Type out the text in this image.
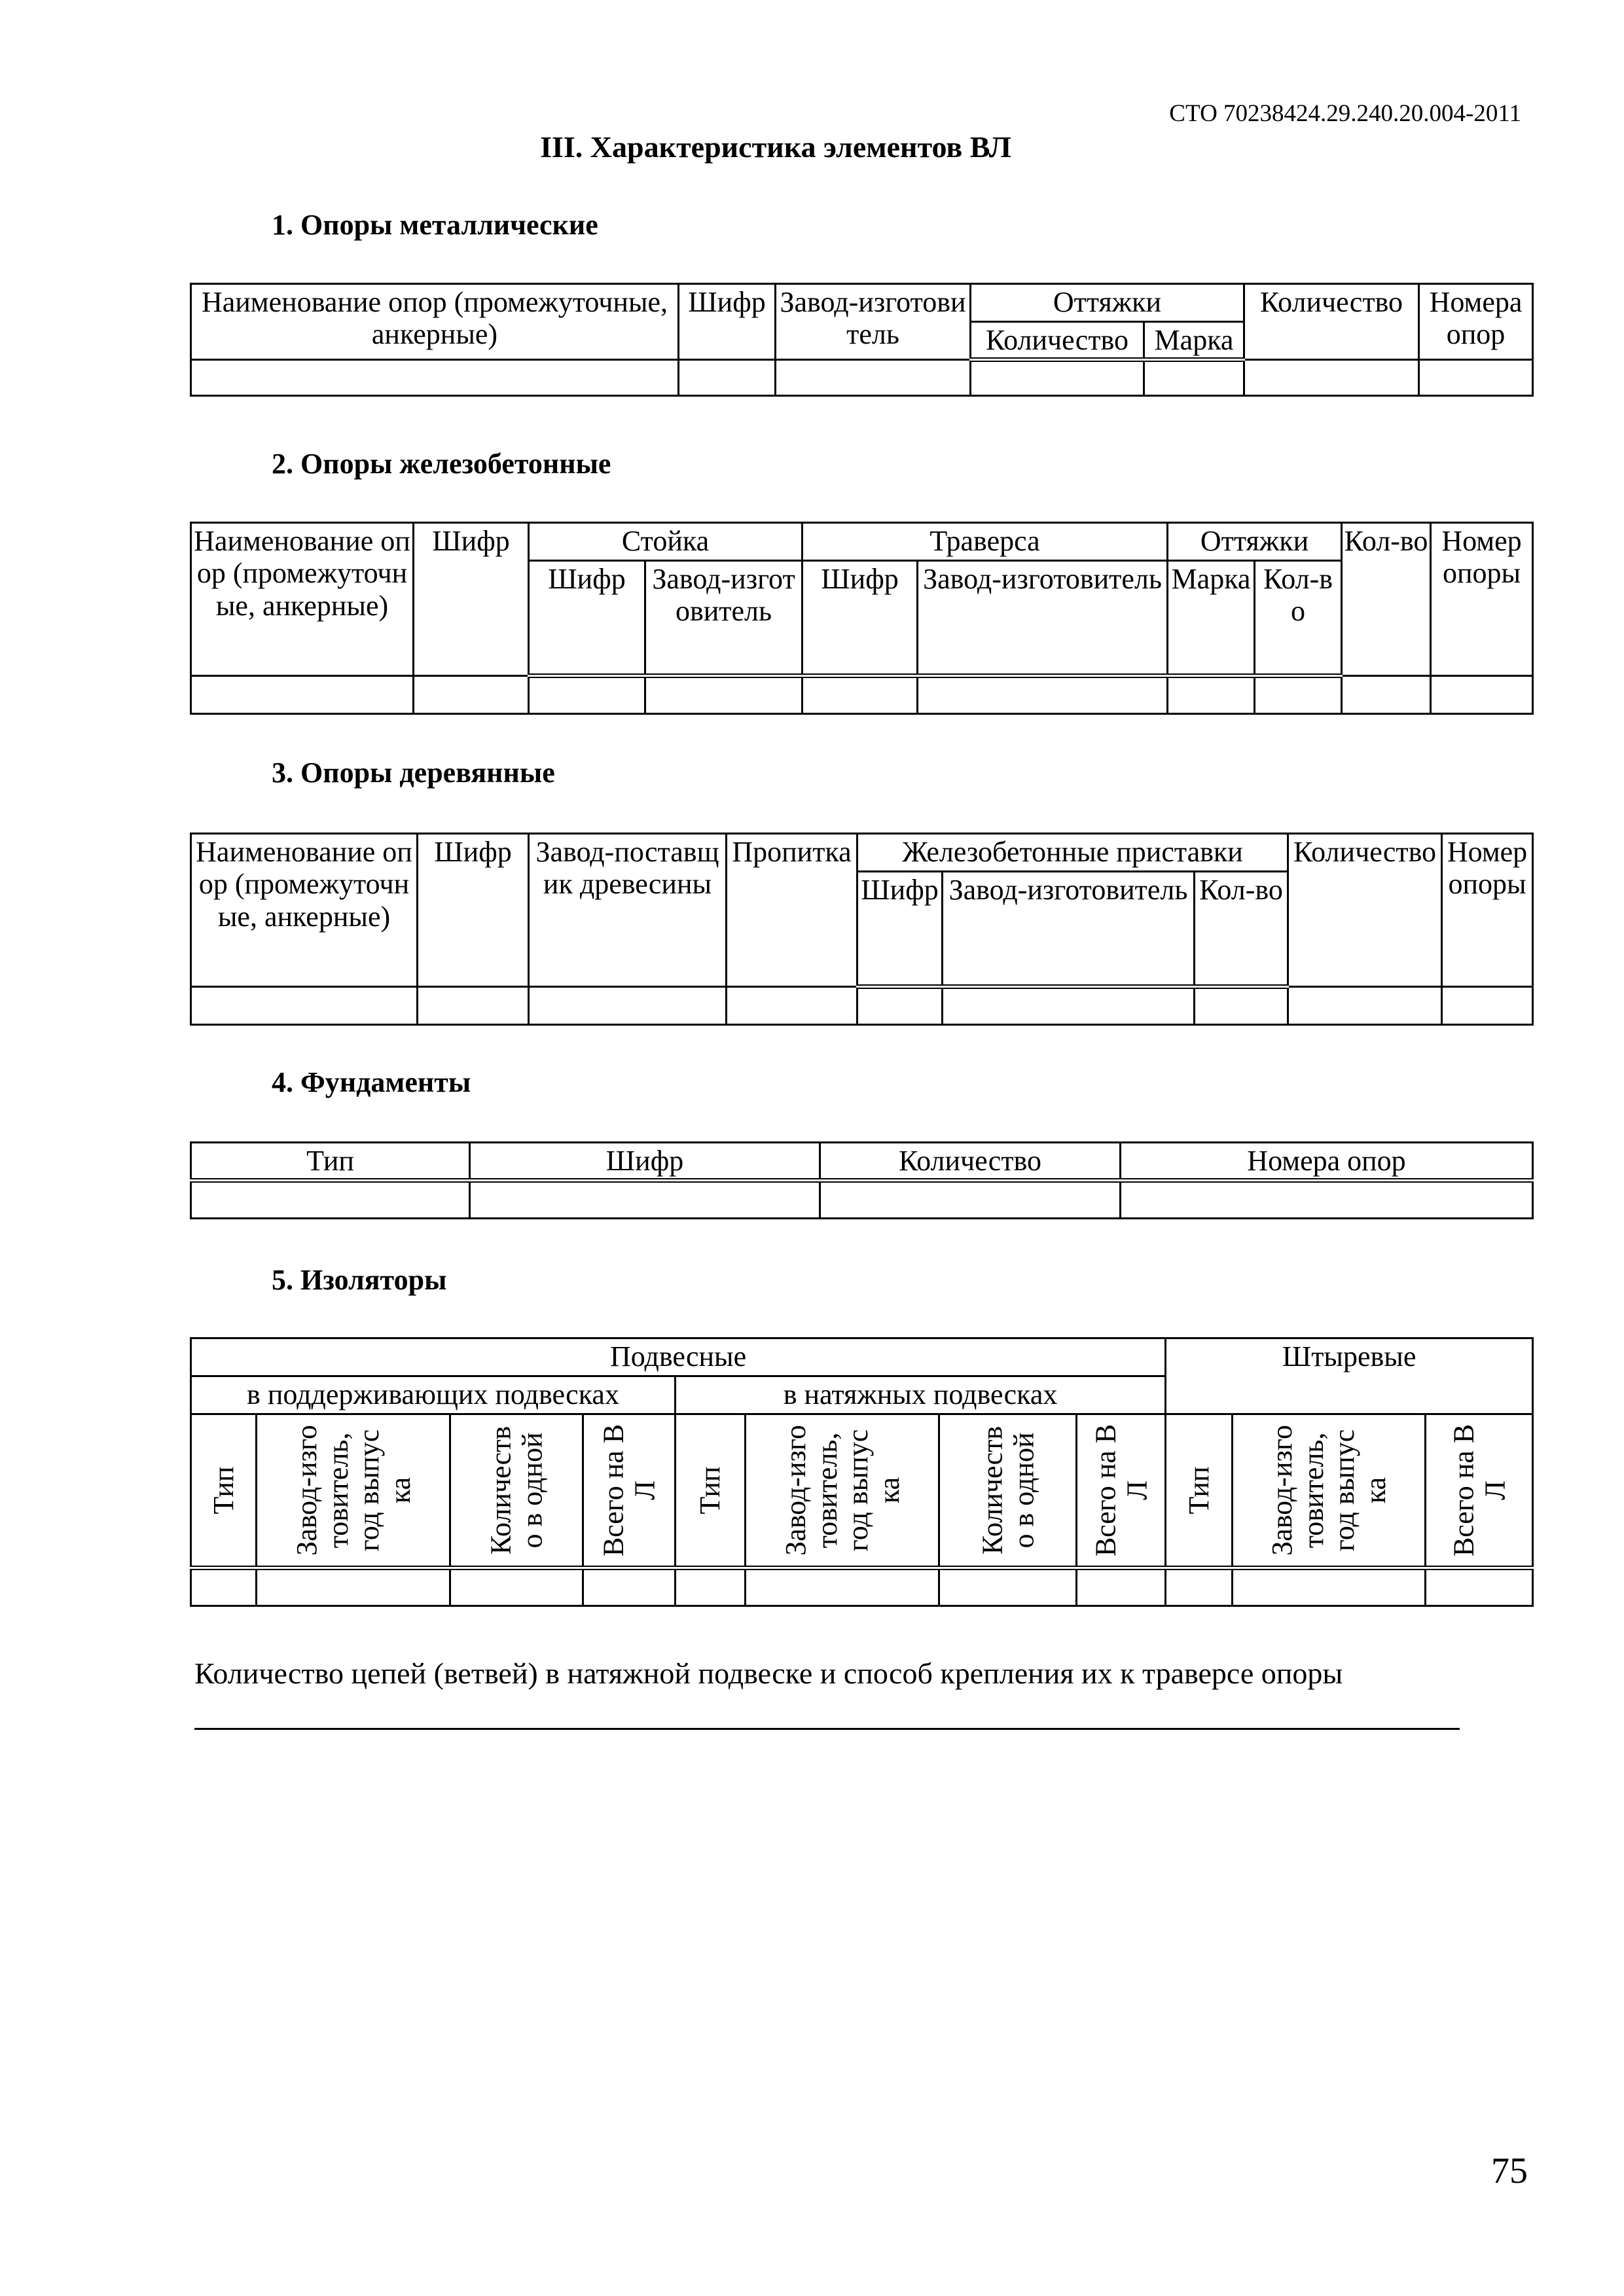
СТО 70238424.29.240.20.004-2011
III. Характеристика элементов ВЛ
1. Опоры металлические
Наименование опор (промежуточные, анкерные)	Шифр	Завод-изготовитель	Оттяжки		Количество	Номера опор
			Количество	Марка		

2. Опоры железобетонные
Наименование опор (промежуточные, анкерные)	Шифр	Стойка		Траверса		Оттяжки		Кол-во	Номер опоры
		Шифр	Завод-изготовитель	Шифр	Завод-изготовитель	Марка	Кол-во		

3. Опоры деревянные
Наименование опор (промежуточные, анкерные)	Шифр	Завод-поставщик древесины	Пропитка	Железобетонные приставки			Количество	Номер опоры
				Шифр	Завод-изготовитель	Кол-во		

4. Фундаменты
Тип	Шифр	Количество	Номера опор

5. Изоляторы
Подвесные								Штыревые		
в поддерживающих подвесках				в натяжных подвесках						

Тип	Завод-изготовитель, год выпуска	Количество в одной	Всего на ВЛ	Тип	Завод-изготовитель, год выпуска	Количество в одной	Всего на ВЛ	Тип	Завод-изготовитель, год выпуска	Всего на ВЛ

Количество цепей (ветвей) в натяжной подвеске и способ крепления их к траверсе опоры
75
